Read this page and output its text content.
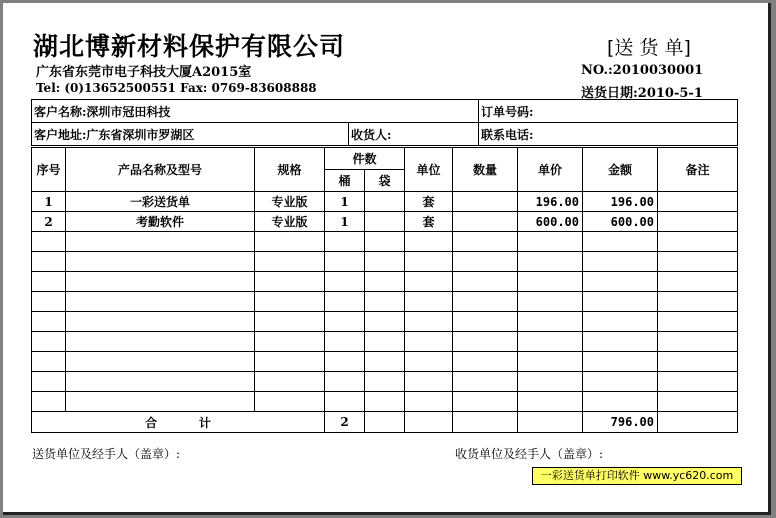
湖北博新材料保护有限公司	[送 货 单]
广东省东莞市电子科技大厦A2015室
Tel: (0)13652500551 Fax: 0769-83608888
NO.:2010030001
送货日期:2010-5-1
客户名称:深圳市冠田科技		订单号码:
客户地址:广东省深圳市罗湖区	收货人:	联系电话:
序号	产品名称及型号	规格	件数		单位	数量	单价	金额	备注
			桶	袋					
1	一彩送货单	专业版	1		套		196.00	196.00	
2	考勤软件	专业版	1		套		600.00	600.00	

合          计			2					796.00	
送货单位及经手人（盖章）:	收货单位及经手人（盖章）:
一彩送货单打印软件 www.yc620.com
